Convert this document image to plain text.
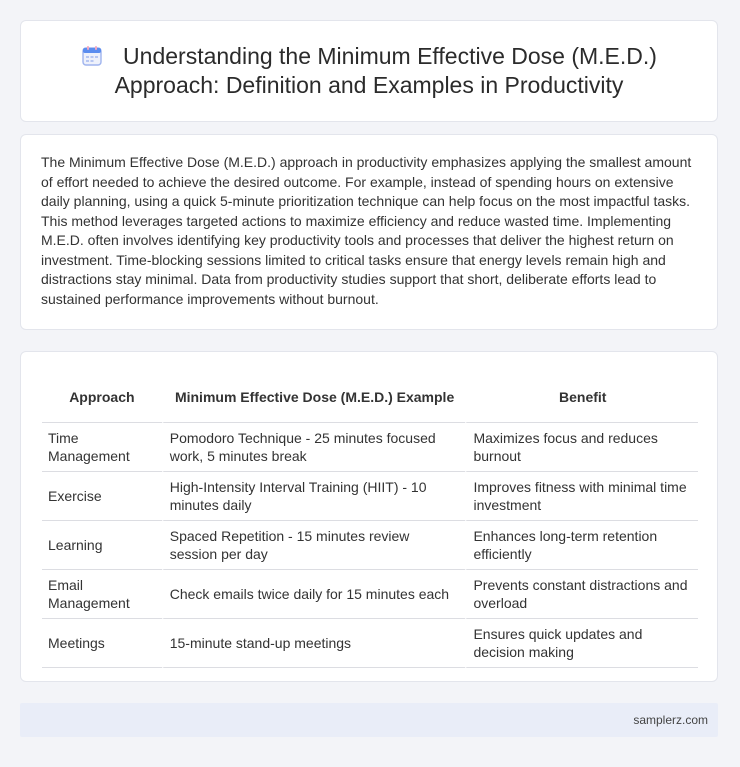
Understanding the Minimum Effective Dose (M.E.D.) Approach: Definition and Examples in Productivity

The Minimum Effective Dose (M.E.D.) approach in productivity emphasizes applying the smallest amount of effort needed to achieve the desired outcome. For example, instead of spending hours on extensive daily planning, using a quick 5-minute prioritization technique can help focus on the most impactful tasks. This method leverages targeted actions to maximize efficiency and reduce wasted time. Implementing M.E.D. often involves identifying key productivity tools and processes that deliver the highest return on investment. Time-blocking sessions limited to critical tasks ensure that energy levels remain high and distractions stay minimal. Data from productivity studies support that short, deliberate efforts lead to sustained performance improvements without burnout.

Approach	Minimum Effective Dose (M.E.D.) Example	Benefit
Time Management	Pomodoro Technique - 25 minutes focused work, 5 minutes break	Maximizes focus and reduces burnout
Exercise	High-Intensity Interval Training (HIIT) - 10 minutes daily	Improves fitness with minimal time investment
Learning	Spaced Repetition - 15 minutes review session per day	Enhances long-term retention efficiently
Email Management	Check emails twice daily for 15 minutes each	Prevents constant distractions and overload
Meetings	15-minute stand-up meetings	Ensures quick updates and decision making
samplerz.com
